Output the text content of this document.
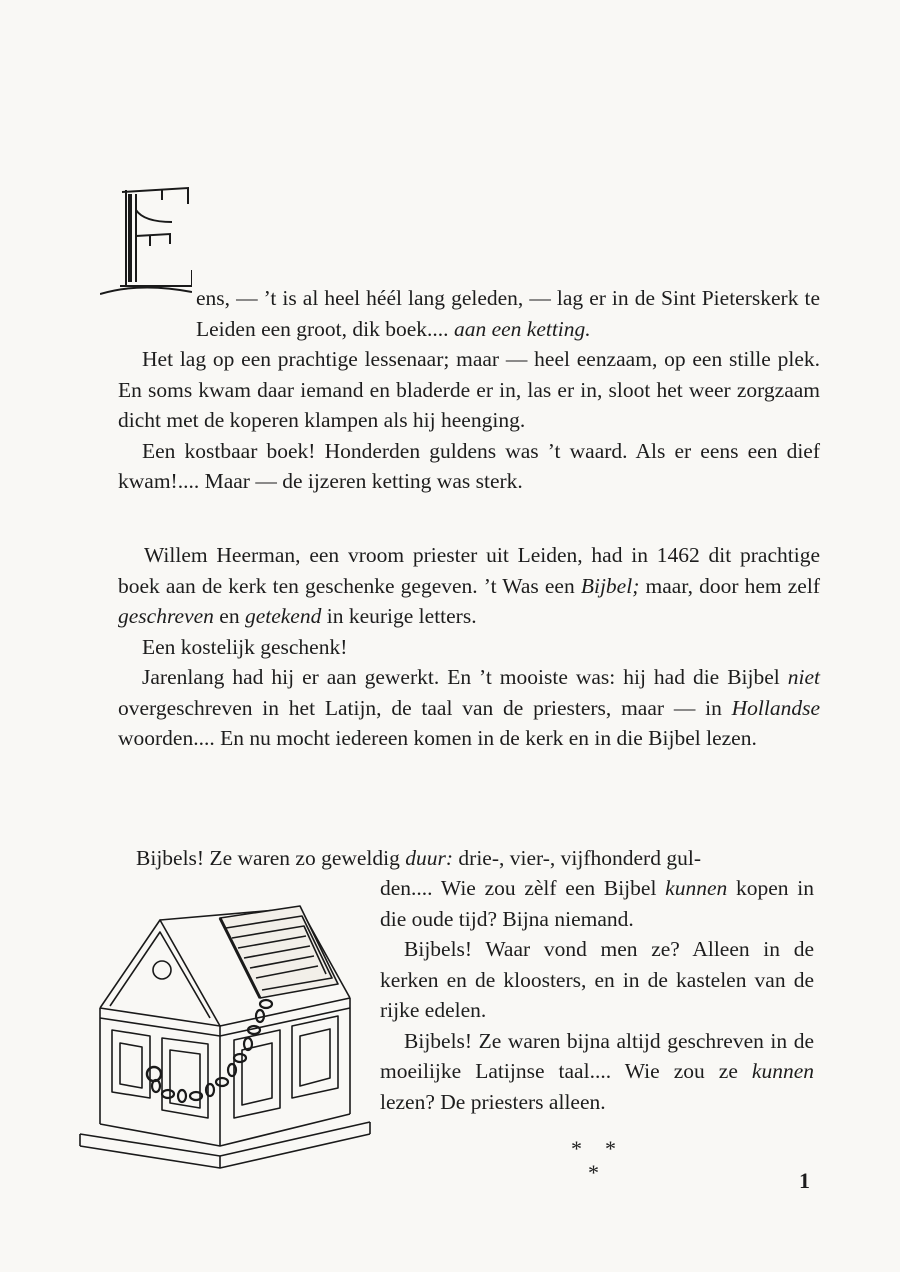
E

ens, — ’t is al heel héél lang geleden, — lag er in de Sint Pieterskerk te Leiden een groot, dik boek.... aan een ketting.

Het lag op een prachtige lessenaar; maar — heel eenzaam, op een stille plek. En soms kwam daar iemand en bladerde er in, las er in, sloot het weer zorgzaam dicht met de koperen klampen als hij heenging.

Een kostbaar boek! Honderden guldens was ’t waard. Als er eens een dief kwam!.... Maar — de ijzeren ketting was sterk.

Willem Heerman, een vroom priester uit Leiden, had in 1462 dit prachtige boek aan de kerk ten geschenke gegeven. ’t Was een Bijbel; maar, door hem zelf geschreven en getekend in keurige letters.

Een kostelijk geschenk!

Jarenlang had hij er aan gewerkt. En ’t mooiste was: hij had die Bijbel niet overgeschreven in het Latijn, de taal van de priesters, maar — in Hollandse woorden.... En nu mocht iedereen komen in de kerk en in die Bijbel lezen.

Bijbels! Ze waren zo geweldig duur: drie-, vier-, vijfhonderd gul-

den.... Wie zou zèlf een Bijbel kunnen kopen in die oude tijd? Bijna niemand.

Bijbels! Waar vond men ze? Alleen in de kerken en de kloosters, en in de kastelen van de rijke edelen.

Bijbels! Ze waren bijna altijd geschreven in de moeilijke Latijnse taal.... Wie zou ze kunnen lezen? De priesters alleen.

* *
*	1
